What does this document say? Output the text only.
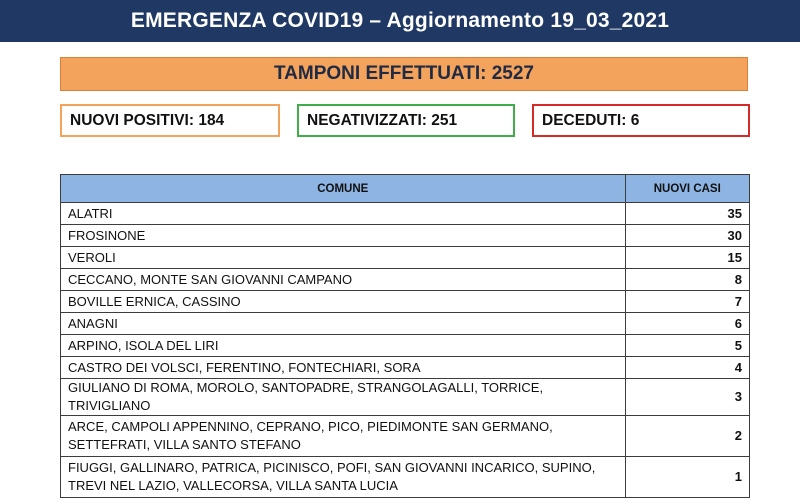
EMERGENZA COVID19 – Aggiornamento 19_03_2021
TAMPONI EFFETTUATI: 2527
NUOVI POSITIVI: 184	NEGATIVIZZATI: 251	DECEDUTI: 6
COMUNE	NUOVI CASI
ALATRI	35
FROSINONE	30
VEROLI	15
CECCANO, MONTE SAN GIOVANNI CAMPANO	8
BOVILLE ERNICA, CASSINO	7
ANAGNI	6
ARPINO, ISOLA DEL LIRI	5
CASTRO DEI VOLSCI, FERENTINO, FONTECHIARI, SORA	4
GIULIANO DI ROMA, MOROLO, SANTOPADRE, STRANGOLAGALLI, TORRICE, TRIVIGLIANO	3
ARCE, CAMPOLI APPENNINO, CEPRANO, PICO, PIEDIMONTE SAN GERMANO, SETTEFRATI, VILLA SANTO STEFANO	2
FIUGGI, GALLINARO, PATRICA, PICINISCO, POFI, SAN GIOVANNI INCARICO, SUPINO, TREVI NEL LAZIO, VALLECORSA, VILLA SANTA LUCIA	1
